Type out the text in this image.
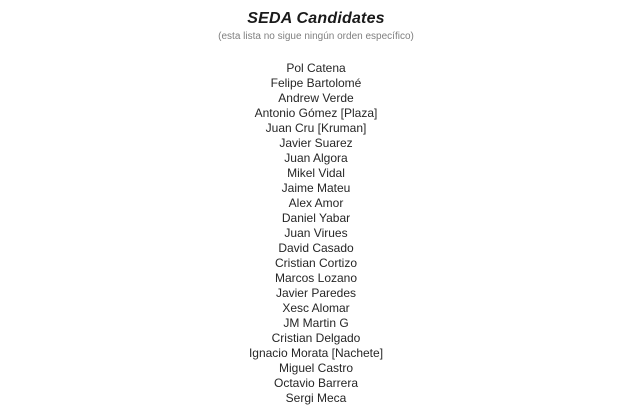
SEDA Candidates

(esta lista no sigue ningún orden específico)

Pol Catena
Felipe Bartolomé
Andrew Verde
Antonio Gómez [Plaza]
Juan Cru [Kruman]
Javier Suarez
Juan Algora
Mikel Vidal
Jaime Mateu
Alex Amor
Daniel Yabar
Juan Virues
David Casado
Cristian Cortizo
Marcos Lozano
Javier Paredes
Xesc Alomar
JM Martin G
Cristian Delgado
Ignacio Morata [Nachete]
Miguel Castro
Octavio Barrera
Sergi Meca
